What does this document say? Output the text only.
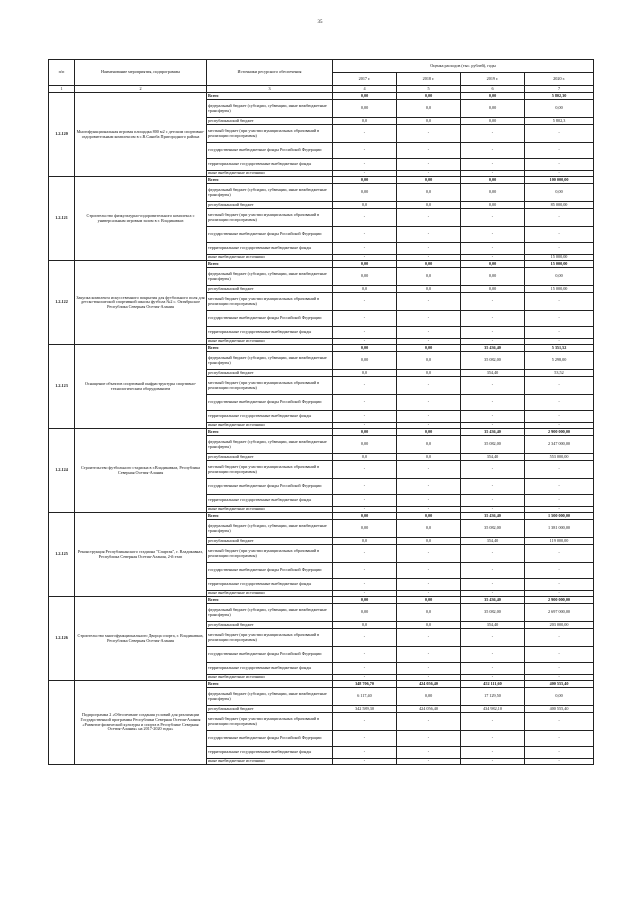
35
п/п	Наименование мероприятия, подпрограммы	Источники ресурсного обеспечения	Оценка расходов (тыс. рублей), годы			
			2017 г.	2018 г.	2019 г.	2020 г.
1	2	3	4	5	6	7
1.2.120	Многофункциональная игровая площадка 800 м2 с детским спортивно-оздоровительным комплексом в с.В.Саниба Пригородного района	Всего	0,00	0,00	0,00	5 802,30
		федеральный бюджет (субсидии, субвенции, иные межбюджетные трансферты)	0,00	0,0	0,00	0,00
		республиканский бюджет	0,0	0,0	0,00	5 802,3
		местный бюджет (при участии муниципальных образований в реализации госпрограммы)	-	-	-	-
		государственные внебюджетные фонды Российской Федерации	-	-	-	-
		территориальные государственные внебюджетные фонды	-	-	-	-
		иные внебюджетные источники	-	-	-	-
1.2.121	Строительство физкультурно-оздоровительного комплекса с универсальным игровым залом в г. Владикавказ	Всего	0,00	0,00	0,00	100 000,00
		федеральный бюджет (субсидии, субвенции, иные межбюджетные трансферты)	0,00	0,0	0,00	0,00
		республиканский бюджет	0,0	0,0	0,00	85 000,00
		местный бюджет (при участии муниципальных образований в реализации госпрограммы)	-	-	-	-
		государственные внебюджетные фонды Российской Федерации	-	-	-	-
		территориальные государственные внебюджетные фонды	-	-	-	-
		иные внебюджетные источники	-	-	-	15 000,00
1.2.122	Закупка комплекта искусственного покрытия для футбольного поля для детско-юношеской спортивной школы футбола №2 с. Октябрьское Республика Северная Осетия-Алания	Всего	0,00	0,00	0,00	15 000,00
		федеральный бюджет (субсидии, субвенции, иные межбюджетные трансферты)	0,00	0,0	0,00	0,00
		республиканский бюджет	0,0	0,0	0,00	15 000,00
		местный бюджет (при участии муниципальных образований в реализации госпрограммы)	-	-	-	-
		государственные внебюджетные фонды Российской Федерации	-	-	-	-
		территориальные государственные внебюджетные фонды	-	-	-	-
		иные внебюджетные источники	-	-	-	-
1.2.123	Оснащение объектов спортивной инфраструктуры спортивно-технологическим оборудованием	Всего	0,00	0,00	35 436,40	5 351,52
		федеральный бюджет (субсидии, субвенции, иные межбюджетные трансферты)	0,00	0,0	35 082,00	5 298,00
		республиканский бюджет	0,0	0,0	354,40	53,52
		местный бюджет (при участии муниципальных образований в реализации госпрограммы)	-	-	-	-
		государственные внебюджетные фонды Российской Федерации	-	-	-	-
		территориальные государственные внебюджетные фонды	-	-	-	-
		иные внебюджетные источники	-	-	-	-
1.2.124	Строительство футбольного стадиона в г.Владикавказ, Республика Северная Осетия-Алания	Всего	0,00	0,00	35 436,40	2 900 000,00
		федеральный бюджет (субсидии, субвенции, иные межбюджетные трансферты)	0,00	0,0	35 082,00	2 347 000,00
		республиканский бюджет	0,0	0,0	354,40	553 000,00
		местный бюджет (при участии муниципальных образований в реализации госпрограммы)	-	-	-	-
		государственные внебюджетные фонды Российской Федерации	-	-	-	-
		территориальные государственные внебюджетные фонды	-	-	-	-
		иные внебюджетные источники	-	-	-	-
1.2.125	Реконструкция Республиканского стадиона "Спартак", г. Владикавказ, Республика Северная Осетия-Алания, 2-й этап	Всего	0,00	0,00	35 436,40	1 500 000,00
		федеральный бюджет (субсидии, субвенции, иные межбюджетные трансферты)	0,00	0,0	35 082,00	1 381 000,00
		республиканский бюджет	0,0	0,0	354,40	119 000,00
		местный бюджет (при участии муниципальных образований в реализации госпрограммы)	-	-	-	-
		государственные внебюджетные фонды Российской Федерации	-	-	-	-
		территориальные государственные внебюджетные фонды	-	-	-	-
		иные внебюджетные источники	-	-	-	-
1.2.126	Строительство многофункционального Дворца спорта, г. Владикавказ, Республика Северная Осетия-Алания	Всего	0,00	0,00	35 436,40	2 900 000,00
		федеральный бюджет (субсидии, субвенции, иные межбюджетные трансферты)	0,00	0,0	35 082,00	2 697 000,00
		республиканский бюджет	0,0	0,0	354,40	203 000,00
		местный бюджет (при участии муниципальных образований в реализации госпрограммы)	-	-	-	-
		государственные внебюджетные фонды Российской Федерации	-	-	-	-
		территориальные государственные внебюджетные фонды	-	-	-	-
		иные внебюджетные источники	-	-	-	-
	Подпрограмма 2 «Обеспечение создания условий для реализации Государственной программы Республики Северная Осетия-Алания «Развитие физической культуры и спорта в Республике Северная Осетия-Алания» на 2017-2020 годы»	Всего	348 706,70	424 056,40	452 111,60	400 555,40
		федеральный бюджет (субсидии, субвенции, иные межбюджетные трансферты)	6 117,40	0,00	17 129,50	0,00
		республиканский бюджет	342 589,30	424 056,40	434 982,10	400 555,40
		местный бюджет (при участии муниципальных образований в реализации госпрограммы)	-	-	-	-
		государственные внебюджетные фонды Российской Федерации	-	-	-	-
		территориальные государственные внебюджетные фонды	-	-	-	-
		иные внебюджетные источники	-	-	-	-
